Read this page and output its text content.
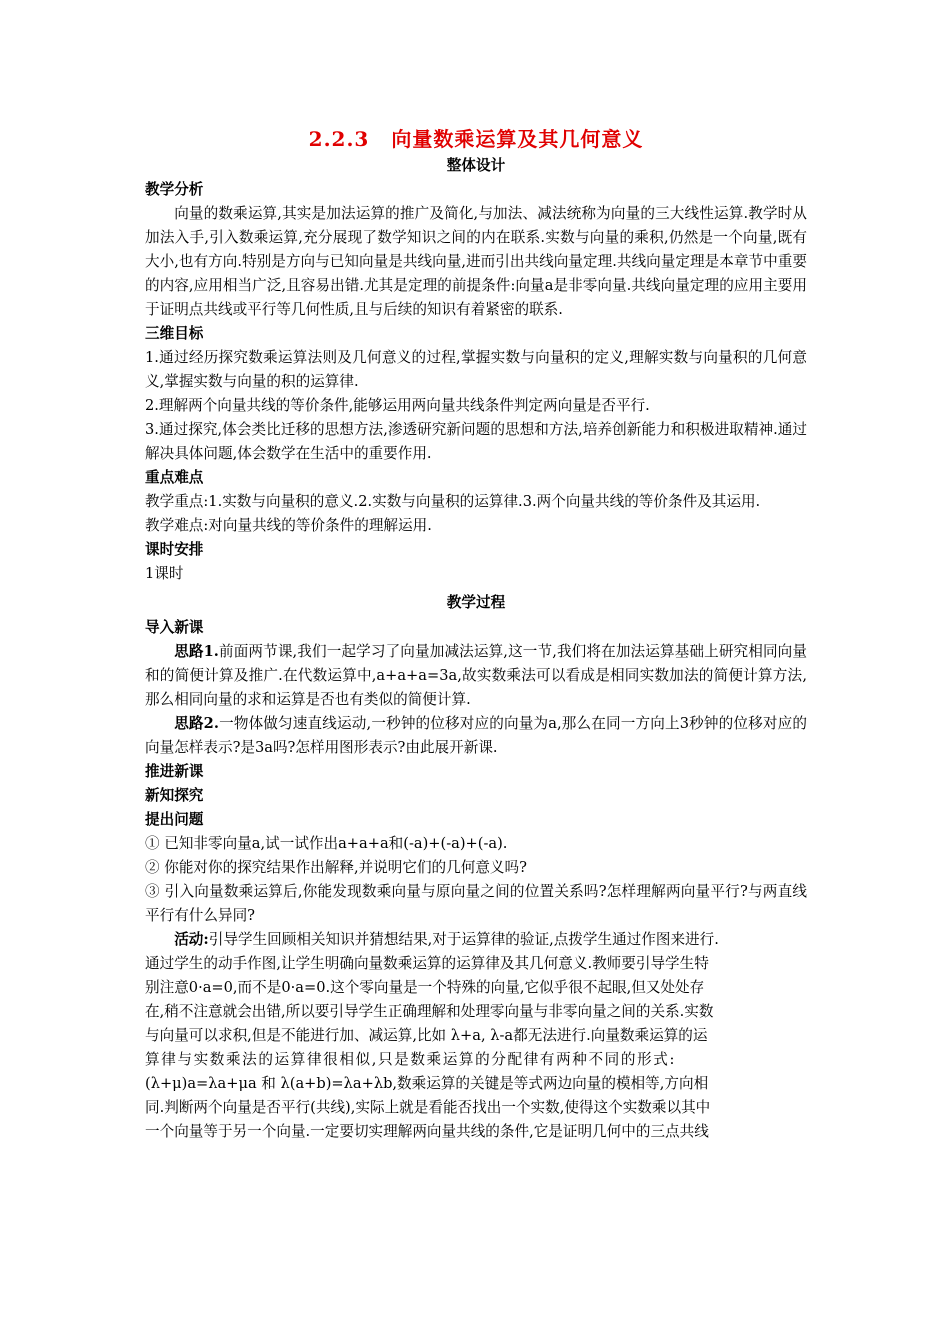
2.2.3 向量数乘运算及其几何意义
整体设计
教学分析
向量的数乘运算,其实是加法运算的推广及简化,与加法、减法统称为向量的三大线性运算.教学时从加法入手,引入数乘运算,充分展现了数学知识之间的内在联系.实数与向量的乘积,仍然是一个向量,既有大小,也有方向.特别是方向与已知向量是共线向量,进而引出共线向量定理.共线向量定理是本章节中重要的内容,应用相当广泛,且容易出错.尤其是定理的前提条件:向量a是非零向量.共线向量定理的应用主要用于证明点共线或平行等几何性质,且与后续的知识有着紧密的联系.
三维目标
1.通过经历探究数乘运算法则及几何意义的过程,掌握实数与向量积的定义,理解实数与向量积的几何意义,掌握实数与向量的积的运算律.
2.理解两个向量共线的等价条件,能够运用两向量共线条件判定两向量是否平行.
3.通过探究,体会类比迁移的思想方法,渗透研究新问题的思想和方法,培养创新能力和积极进取精神.通过解决具体问题,体会数学在生活中的重要作用.
重点难点
教学重点:1.实数与向量积的意义.2.实数与向量积的运算律.3.两个向量共线的等价条件及其运用.
教学难点:对向量共线的等价条件的理解运用.
课时安排
1课时
教学过程
导入新课
思路1.前面两节课,我们一起学习了向量加减法运算,这一节,我们将在加法运算基础上研究相同向量和的简便计算及推广.在代数运算中,a+a+a=3a,故实数乘法可以看成是相同实数加法的简便计算方法,那么相同向量的求和运算是否也有类似的简便计算.
思路2.一物体做匀速直线运动,一秒钟的位移对应的向量为a,那么在同一方向上3秒钟的位移对应的向量怎样表示?是3a吗?怎样用图形表示?由此展开新课.
推进新课
新知探究
提出问题
① 已知非零向量a,试一试作出a+a+a和(-a)+(-a)+(-a).
② 你能对你的探究结果作出解释,并说明它们的几何意义吗?
③ 引入向量数乘运算后,你能发现数乘向量与原向量之间的位置关系吗?怎样理解两向量平行?与两直线平行有什么异同?
活动:引导学生回顾相关知识并猜想结果,对于运算律的验证,点拨学生通过作图来进行.
通过学生的动手作图,让学生明确向量数乘运算的运算律及其几何意义.教师要引导学生特
别注意0·a=0,而不是0·a=0.这个零向量是一个特殊的向量,它似乎很不起眼,但又处处存
在,稍不注意就会出错,所以要引导学生正确理解和处理零向量与非零向量之间的关系.实数
与向量可以求积,但是不能进行加、减运算,比如 λ+a, λ-a都无法进行.向量数乘运算的运
算律与实数乘法的运算律很相似,只是数乘运算的分配律有两种不同的形式:
(λ+μ)a=λa+μa 和 λ(a+b)=λa+λb,数乘运算的关键是等式两边向量的模相等,方向相
同.判断两个向量是否平行(共线),实际上就是看能否找出一个实数,使得这个实数乘以其中
一个向量等于另一个向量.一定要切实理解两向量共线的条件,它是证明几何中的三点共线
